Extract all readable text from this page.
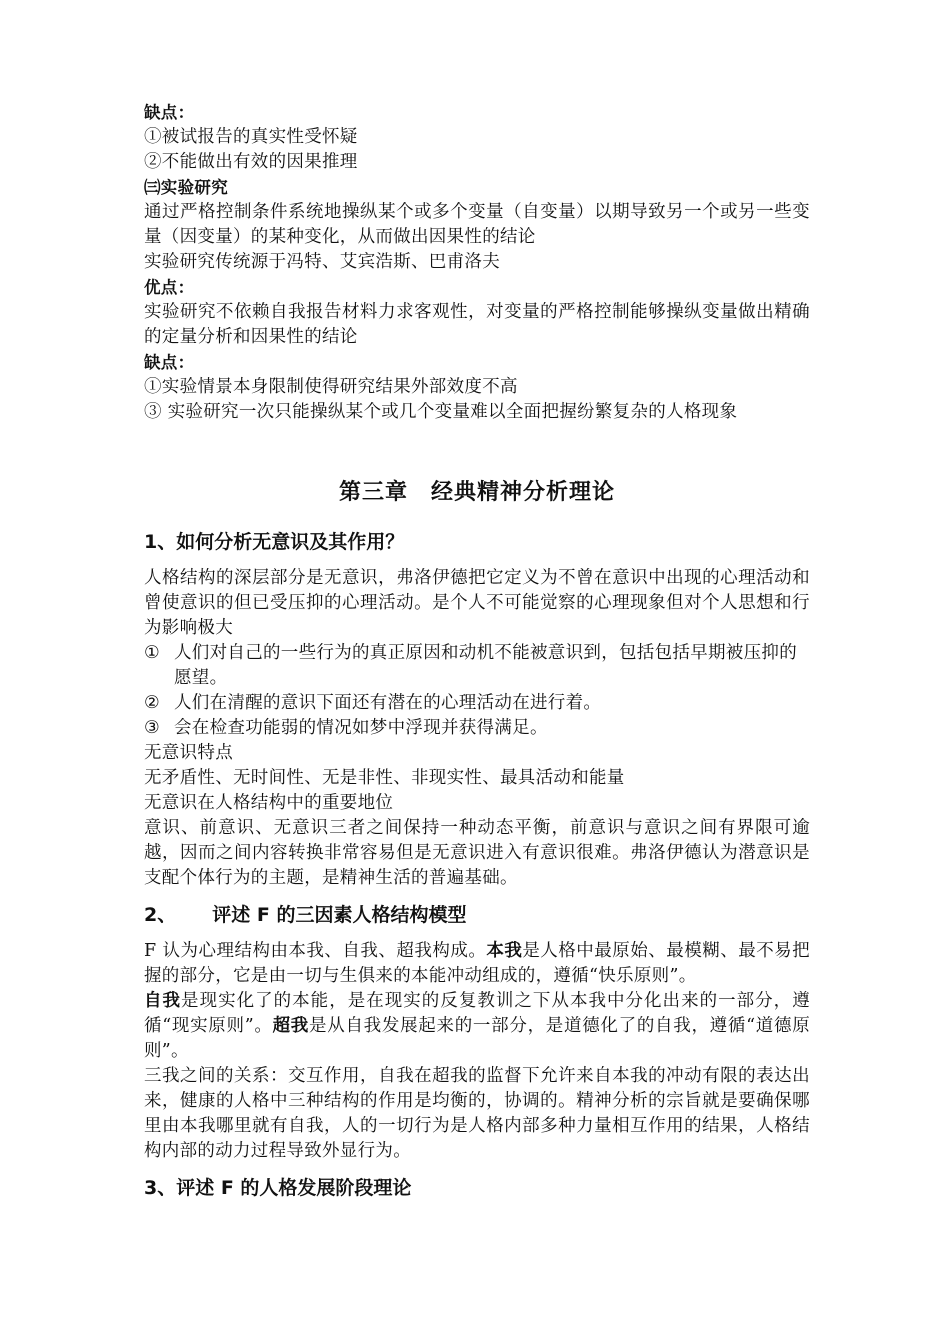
缺点：
①被试报告的真实性受怀疑
②不能做出有效的因果推理
㈢实验研究
通过严格控制条件系统地操纵某个或多个变量（自变量）以期导致另一个或另一些变量（因变量）的某种变化，从而做出因果性的结论
实验研究传统源于冯特、艾宾浩斯、巴甫洛夫
优点：
实验研究不依赖自我报告材料力求客观性，对变量的严格控制能够操纵变量做出精确的定量分析和因果性的结论
缺点：
①实验情景本身限制使得研究结果外部效度不高
③ 实验研究一次只能操纵某个或几个变量难以全面把握纷繁复杂的人格现象
第三章　经典精神分析理论
1、如何分析无意识及其作用？
人格结构的深层部分是无意识，弗洛伊德把它定义为不曾在意识中出现的心理活动和曾使意识的但已受压抑的心理活动。是个人不可能觉察的心理现象但对个人思想和行为影响极大
① 人们对自己的一些行为的真正原因和动机不能被意识到，包括包括早期被压抑的愿望。
② 人们在清醒的意识下面还有潜在的心理活动在进行着。
③ 会在检查功能弱的情况如梦中浮现并获得满足。
无意识特点
无矛盾性、无时间性、无是非性、非现实性、最具活动和能量
无意识在人格结构中的重要地位
意识、前意识、无意识三者之间保持一种动态平衡，前意识与意识之间有界限可逾越，因而之间内容转换非常容易但是无意识进入有意识很难。弗洛伊德认为潜意识是支配个体行为的主题，是精神生活的普遍基础。
2、 评述 F 的三因素人格结构模型
F 认为心理结构由本我、自我、超我构成。本我是人格中最原始、最模糊、最不易把握的部分，它是由一切与生俱来的本能冲动组成的，遵循“快乐原则”。
自我是现实化了的本能，是在现实的反复教训之下从本我中分化出来的一部分，遵循“现实原则”。超我是从自我发展起来的一部分，是道德化了的自我，遵循“道德原则”。
三我之间的关系：交互作用，自我在超我的监督下允许来自本我的冲动有限的表达出来，健康的人格中三种结构的作用是均衡的，协调的。精神分析的宗旨就是要确保哪里由本我哪里就有自我，人的一切行为是人格内部多种力量相互作用的结果，人格结构内部的动力过程导致外显行为。
3、评述 F 的人格发展阶段理论
